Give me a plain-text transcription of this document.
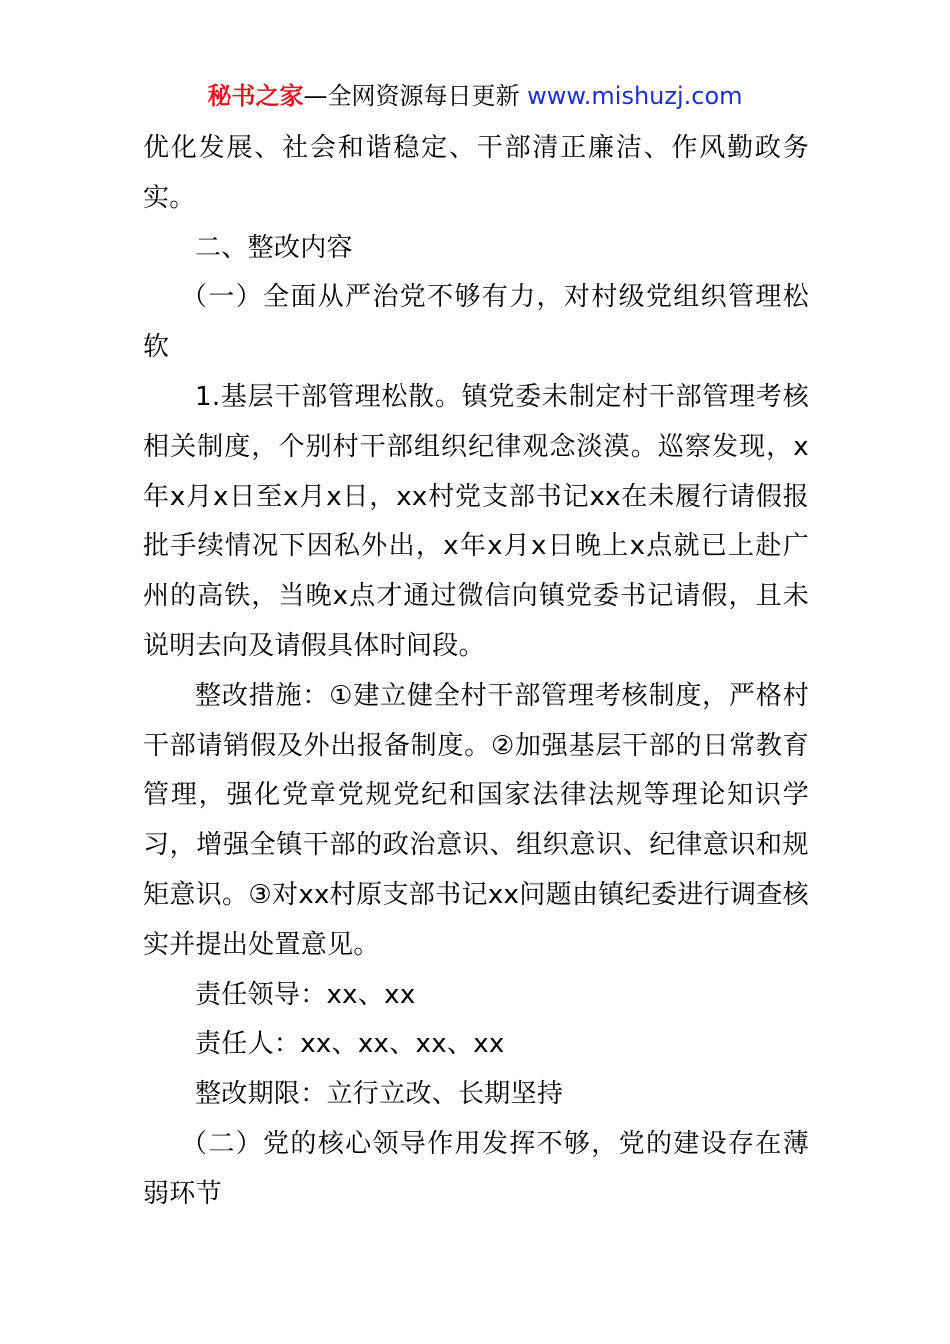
秘书之家—全网资源每日更新 www.mishuzj.com

优化发展、社会和谐稳定、干部清正廉洁、作风勤政务实。

二、整改内容

（一）全面从严治党不够有力，对村级党组织管理松软

1.基层干部管理松散。镇党委未制定村干部管理考核相关制度，个别村干部组织纪律观念淡漠。巡察发现，x年x月x日至x月x日，xx村党支部书记xx在未履行请假报批手续情况下因私外出，x年x月x日晚上x点就已上赴广州的高铁，当晚x点才通过微信向镇党委书记请假，且未说明去向及请假具体时间段。

整改措施：①建立健全村干部管理考核制度，严格村干部请销假及外出报备制度。②加强基层干部的日常教育管理，强化党章党规党纪和国家法律法规等理论知识学习，增强全镇干部的政治意识、组织意识、纪律意识和规矩意识。③对xx村原支部书记xx问题由镇纪委进行调查核实并提出处置意见。

责任领导：xx、xx

责任人：xx、xx、xx、xx

整改期限：立行立改、长期坚持

（二）党的核心领导作用发挥不够，党的建设存在薄弱环节
